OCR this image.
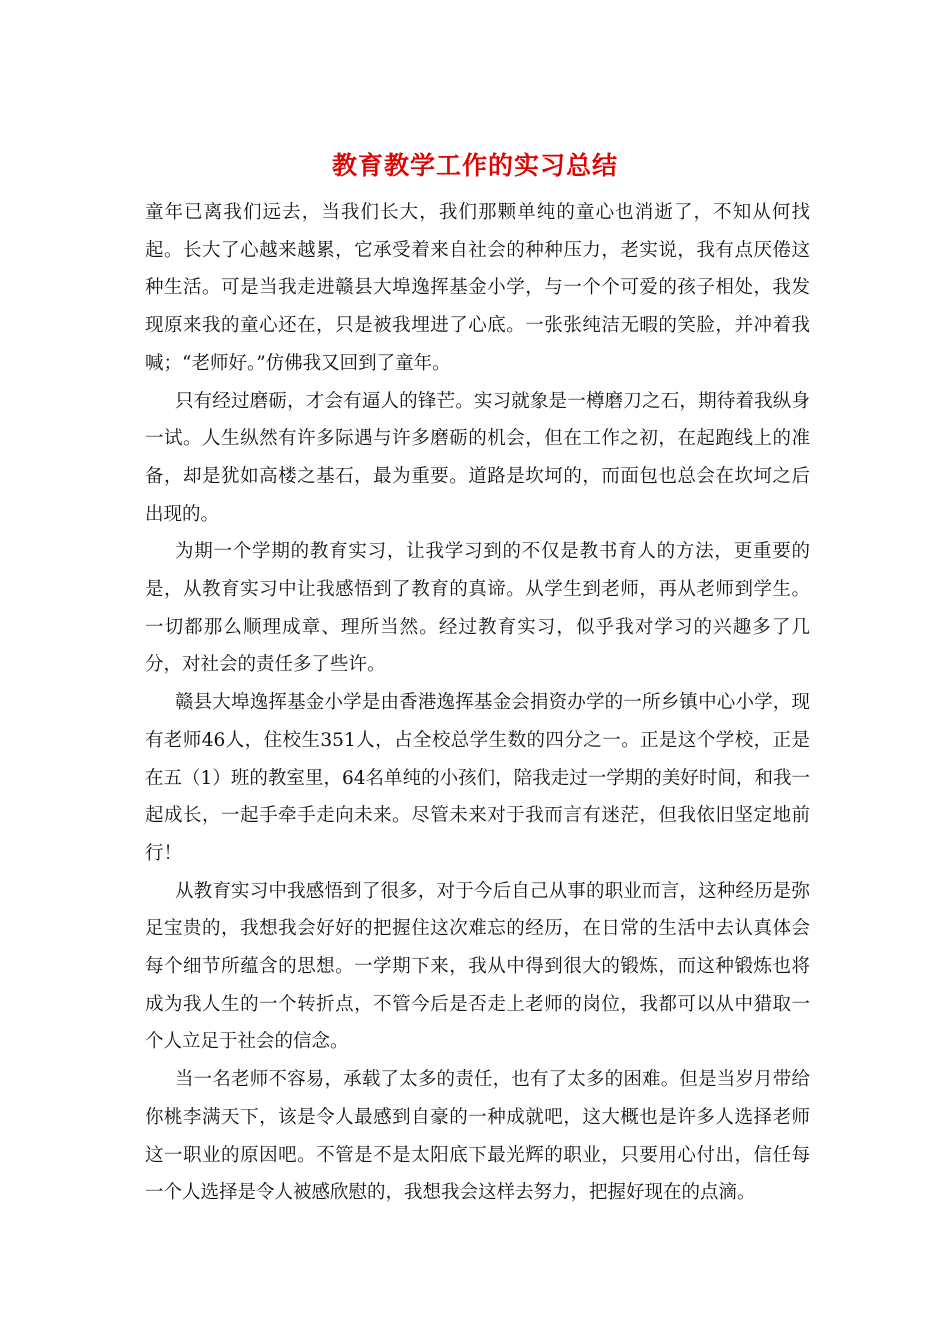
教育教学工作的实习总结

童年已离我们远去，当我们长大，我们那颗单纯的童心也消逝了，不知从何找起。长大了心越来越累，它承受着来自社会的种种压力，老实说，我有点厌倦这种生活。可是当我走进赣县大埠逸挥基金小学，与一个个可爱的孩子相处，我发现原来我的童心还在，只是被我埋进了心底。一张张纯洁无暇的笑脸，并冲着我喊；“老师好。”仿佛我又回到了童年。

只有经过磨砺，才会有逼人的锋芒。实习就象是一樽磨刀之石，期待着我纵身一试。人生纵然有许多际遇与许多磨砺的机会，但在工作之初，在起跑线上的准备，却是犹如高楼之基石，最为重要。道路是坎坷的，而面包也总会在坎坷之后出现的。

为期一个学期的教育实习，让我学习到的不仅是教书育人的方法，更重要的是，从教育实习中让我感悟到了教育的真谛。从学生到老师，再从老师到学生。一切都那么顺理成章、理所当然。经过教育实习，似乎我对学习的兴趣多了几分，对社会的责任多了些许。

赣县大埠逸挥基金小学是由香港逸挥基金会捐资办学的一所乡镇中心小学，现有老师46人，住校生351人，占全校总学生数的四分之一。正是这个学校，正是在五（1）班的教室里，64名单纯的小孩们，陪我走过一学期的美好时间，和我一起成长，一起手牵手走向未来。尽管未来对于我而言有迷茫，但我依旧坚定地前行！

从教育实习中我感悟到了很多，对于今后自己从事的职业而言，这种经历是弥足宝贵的，我想我会好好的把握住这次难忘的经历，在日常的生活中去认真体会每个细节所蕴含的思想。一学期下来，我从中得到很大的锻炼，而这种锻炼也将成为我人生的一个转折点，不管今后是否走上老师的岗位，我都可以从中猎取一个人立足于社会的信念。

当一名老师不容易，承载了太多的责任，也有了太多的困难。但是当岁月带给你桃李满天下，该是令人最感到自豪的一种成就吧，这大概也是许多人选择老师这一职业的原因吧。不管是不是太阳底下最光辉的职业，只要用心付出，信任每一个人选择是令人被感欣慰的，我想我会这样去努力，把握好现在的点滴。
